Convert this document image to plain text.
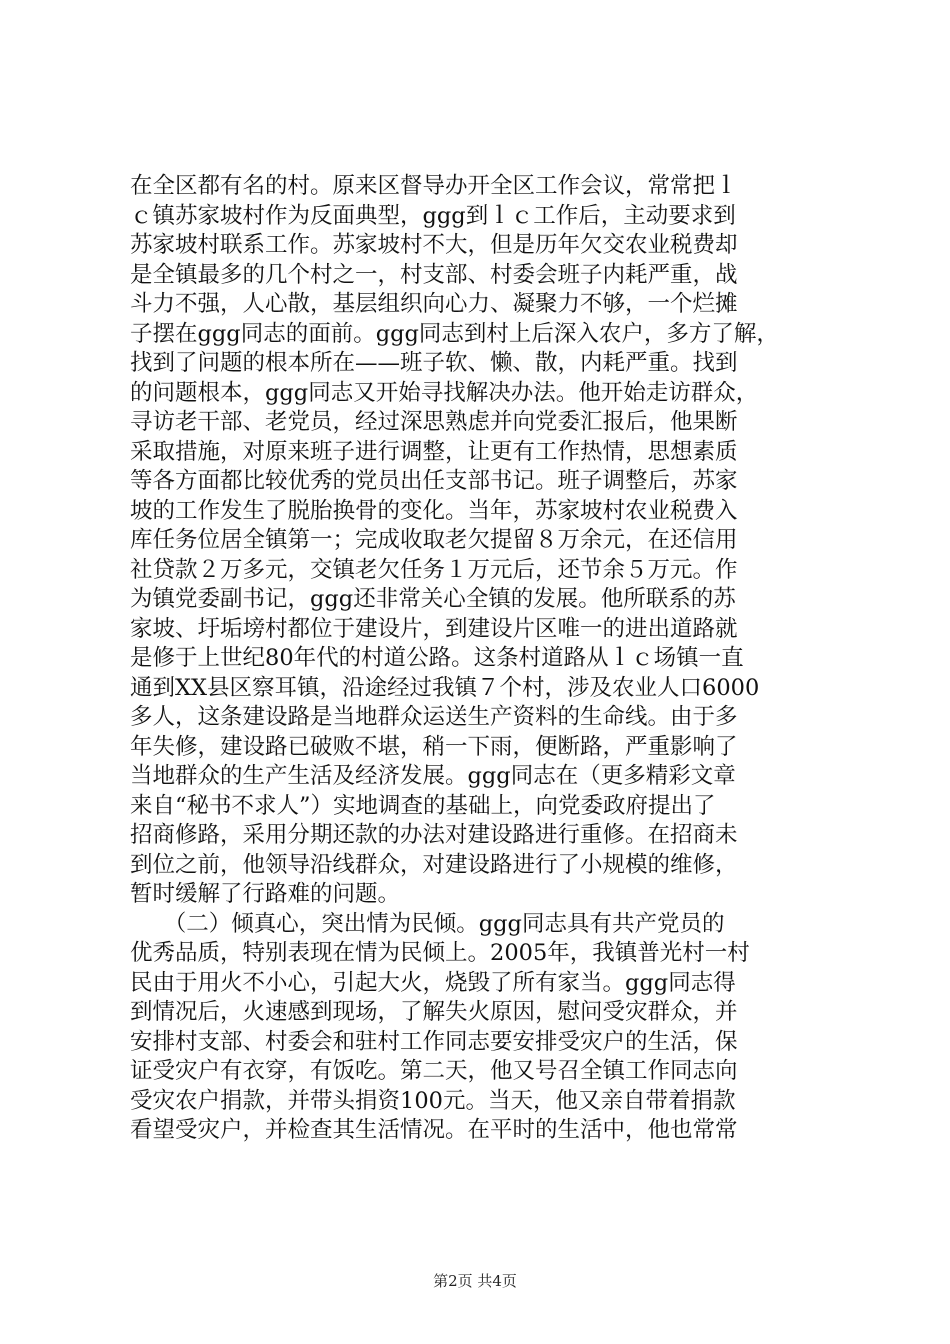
在全区都有名的村。原来区督导办开全区工作会议，常常把ｌ
ｃ镇苏家坡村作为反面典型，ggg到ｌｃ工作后，主动要求到
苏家坡村联系工作。苏家坡村不大，但是历年欠交农业税费却
是全镇最多的几个村之一，村支部、村委会班子内耗严重，战
斗力不强，人心散，基层组织向心力、凝聚力不够，一个烂摊
子摆在ggg同志的面前。ggg同志到村上后深入农户，多方了解，
找到了问题的根本所在——班子软、懒、散，内耗严重。找到
的问题根本，ggg同志又开始寻找解决办法。他开始走访群众，
寻访老干部、老党员，经过深思熟虑并向党委汇报后，他果断
采取措施，对原来班子进行调整，让更有工作热情，思想素质
等各方面都比较优秀的党员出任支部书记。班子调整后，苏家
坡的工作发生了脱胎换骨的变化。当年，苏家坡村农业税费入
库任务位居全镇第一；完成收取老欠提留８万余元，在还信用
社贷款２万多元，交镇老欠任务１万元后，还节余５万元。作
为镇党委副书记，ggg还非常关心全镇的发展。他所联系的苏
家坡、圩垢塝村都位于建设片，到建设片区唯一的进出道路就
是修于上世纪80年代的村道公路。这条村道路从ｌｃ场镇一直
通到XX县区察耳镇，沿途经过我镇７个村，涉及农业人口6000
多人，这条建设路是当地群众运送生产资料的生命线。由于多
年失修，建设路已破败不堪，稍一下雨，便断路，严重影响了
当地群众的生产生活及经济发展。ggg同志在（更多精彩文章
来自“秘书不求人”）实地调查的基础上，向党委政府提出了
招商修路，采用分期还款的办法对建设路进行重修。在招商未
到位之前，他领导沿线群众，对建设路进行了小规模的维修，
暂时缓解了行路难的问题。
　　（二）倾真心，突出情为民倾。ggg同志具有共产党员的
优秀品质，特别表现在情为民倾上。2005年，我镇普光村一村
民由于用火不小心，引起大火，烧毁了所有家当。ggg同志得
到情况后，火速感到现场，了解失火原因，慰问受灾群众，并
安排村支部、村委会和驻村工作同志要安排受灾户的生活，保
证受灾户有衣穿，有饭吃。第二天，他又号召全镇工作同志向
受灾农户捐款，并带头捐资100元。当天，他又亲自带着捐款
看望受灾户，并检查其生活情况。在平时的生活中，他也常常
第2页 共4页
